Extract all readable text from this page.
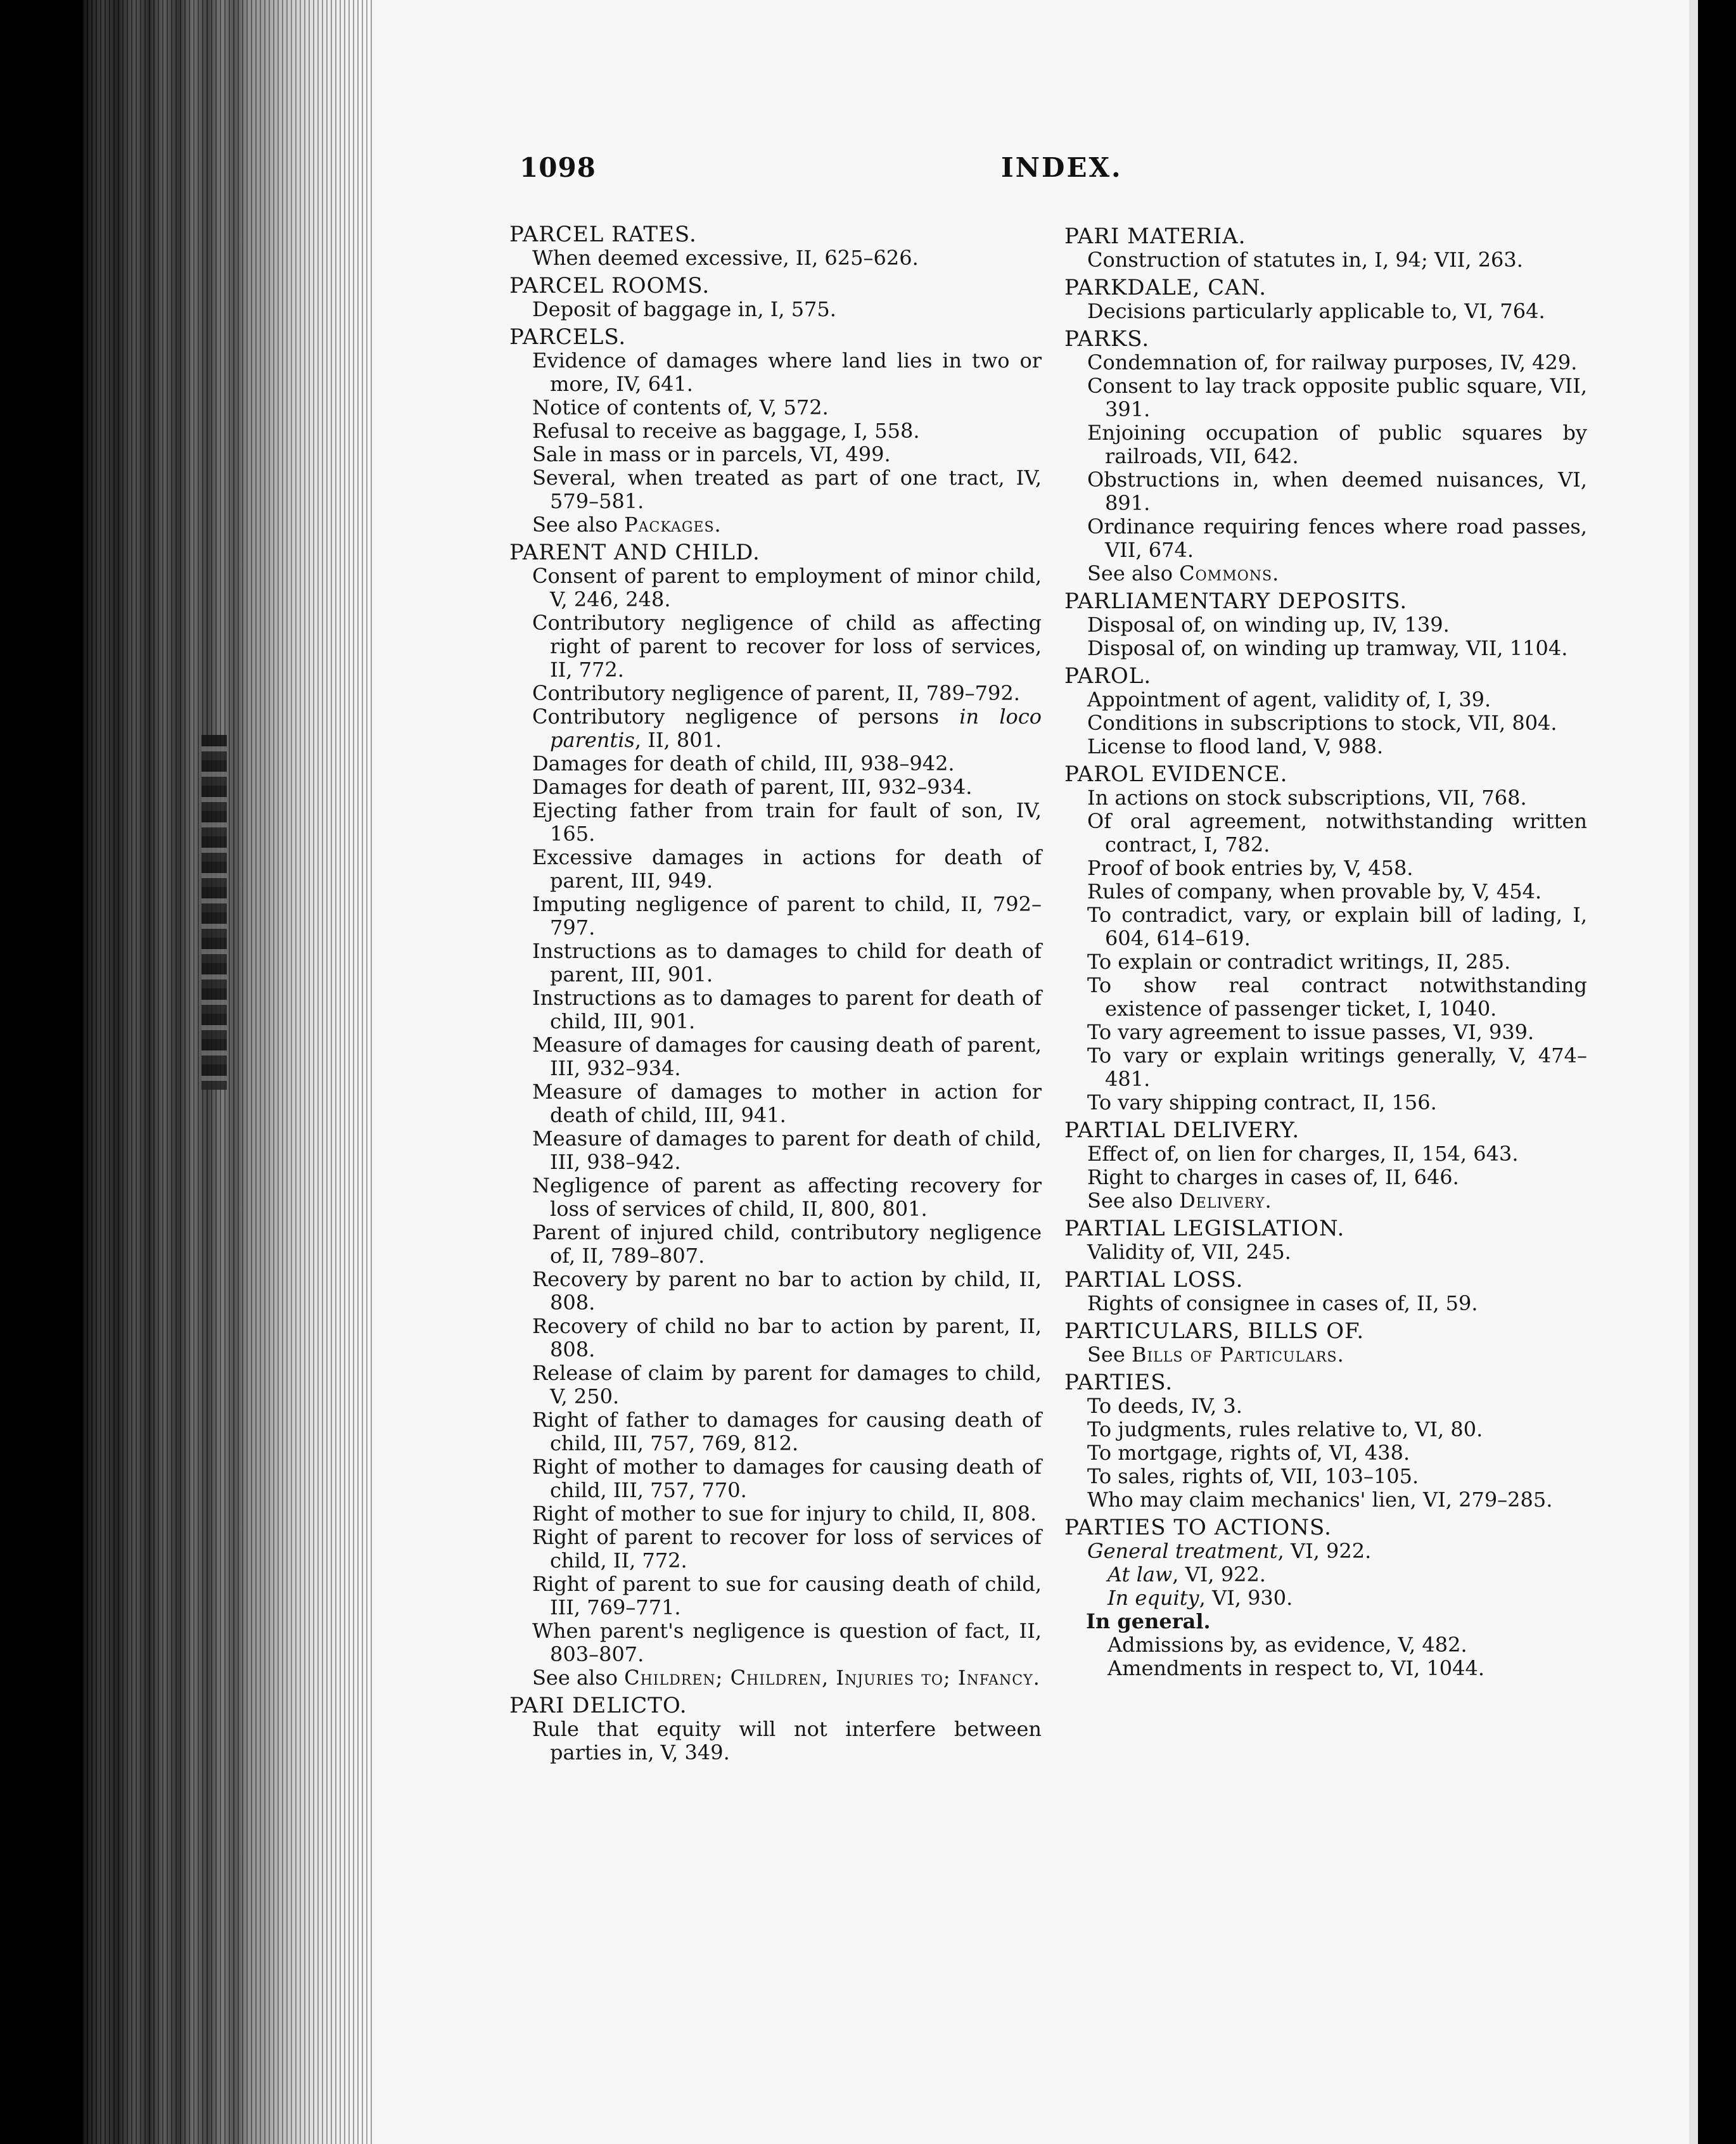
1098	INDEX.
PARCEL RATES.
When deemed excessive, II, 625–626.
PARCEL ROOMS.
Deposit of baggage in, I, 575.
PARCELS.
Evidence of damages where land lies in two or more, IV, 641.
Notice of contents of, V, 572.
Refusal to receive as baggage, I, 558.
Sale in mass or in parcels, VI, 499.
Several, when treated as part of one tract, IV, 579–581.
See also Packages.
PARENT AND CHILD.
Consent of parent to employment of minor child, V, 246, 248.
Contributory negligence of child as affecting right of parent to recover for loss of services, II, 772.
Contributory negligence of parent, II, 789–792.
Contributory negligence of persons in loco parentis, II, 801.
Damages for death of child, III, 938–942.
Damages for death of parent, III, 932–934.
Ejecting father from train for fault of son, IV, 165.
Excessive damages in actions for death of parent, III, 949.
Imputing negligence of parent to child, II, 792–797.
Instructions as to damages to child for death of parent, III, 901.
Instructions as to damages to parent for death of child, III, 901.
Measure of damages for causing death of parent, III, 932–934.
Measure of damages to mother in action for death of child, III, 941.
Measure of damages to parent for death of child, III, 938–942.
Negligence of parent as affecting recovery for loss of services of child, II, 800, 801.
Parent of injured child, contributory negligence of, II, 789–807.
Recovery by parent no bar to action by child, II, 808.
Recovery of child no bar to action by parent, II, 808.
Release of claim by parent for damages to child, V, 250.
Right of father to damages for causing death of child, III, 757, 769, 812.
Right of mother to damages for causing death of child, III, 757, 770.
Right of mother to sue for injury to child, II, 808.
Right of parent to recover for loss of services of child, II, 772.
Right of parent to sue for causing death of child, III, 769–771.
When parent's negligence is question of fact, II, 803–807.
See also Children; Children, Injuries to; Infancy.
PARI DELICTO.
Rule that equity will not interfere between parties in, V, 349.
PARI MATERIA.
Construction of statutes in, I, 94; VII, 263.
PARKDALE, CAN.
Decisions particularly applicable to, VI, 764.
PARKS.
Condemnation of, for railway purposes, IV, 429.
Consent to lay track opposite public square, VII, 391.
Enjoining occupation of public squares by railroads, VII, 642.
Obstructions in, when deemed nuisances, VI, 891.
Ordinance requiring fences where road passes, VII, 674.
See also Commons.
PARLIAMENTARY DEPOSITS.
Disposal of, on winding up, IV, 139.
Disposal of, on winding up tramway, VII, 1104.
PAROL.
Appointment of agent, validity of, I, 39.
Conditions in subscriptions to stock, VII, 804.
License to flood land, V, 988.
PAROL EVIDENCE.
In actions on stock subscriptions, VII, 768.
Of oral agreement, notwithstanding written contract, I, 782.
Proof of book entries by, V, 458.
Rules of company, when provable by, V, 454.
To contradict, vary, or explain bill of lading, I, 604, 614–619.
To explain or contradict writings, II, 285.
To show real contract notwithstanding existence of passenger ticket, I, 1040.
To vary agreement to issue passes, VI, 939.
To vary or explain writings generally, V, 474–481.
To vary shipping contract, II, 156.
PARTIAL DELIVERY.
Effect of, on lien for charges, II, 154, 643.
Right to charges in cases of, II, 646.
See also Delivery.
PARTIAL LEGISLATION.
Validity of, VII, 245.
PARTIAL LOSS.
Rights of consignee in cases of, II, 59.
PARTICULARS, BILLS OF.
See Bills of Particulars.
PARTIES.
To deeds, IV, 3.
To judgments, rules relative to, VI, 80.
To mortgage, rights of, VI, 438.
To sales, rights of, VII, 103–105.
Who may claim mechanics' lien, VI, 279–285.
PARTIES TO ACTIONS.
General treatment, VI, 922.
At law, VI, 922.
In equity, VI, 930.
In general.
Admissions by, as evidence, V, 482.
Amendments in respect to, VI, 1044.
